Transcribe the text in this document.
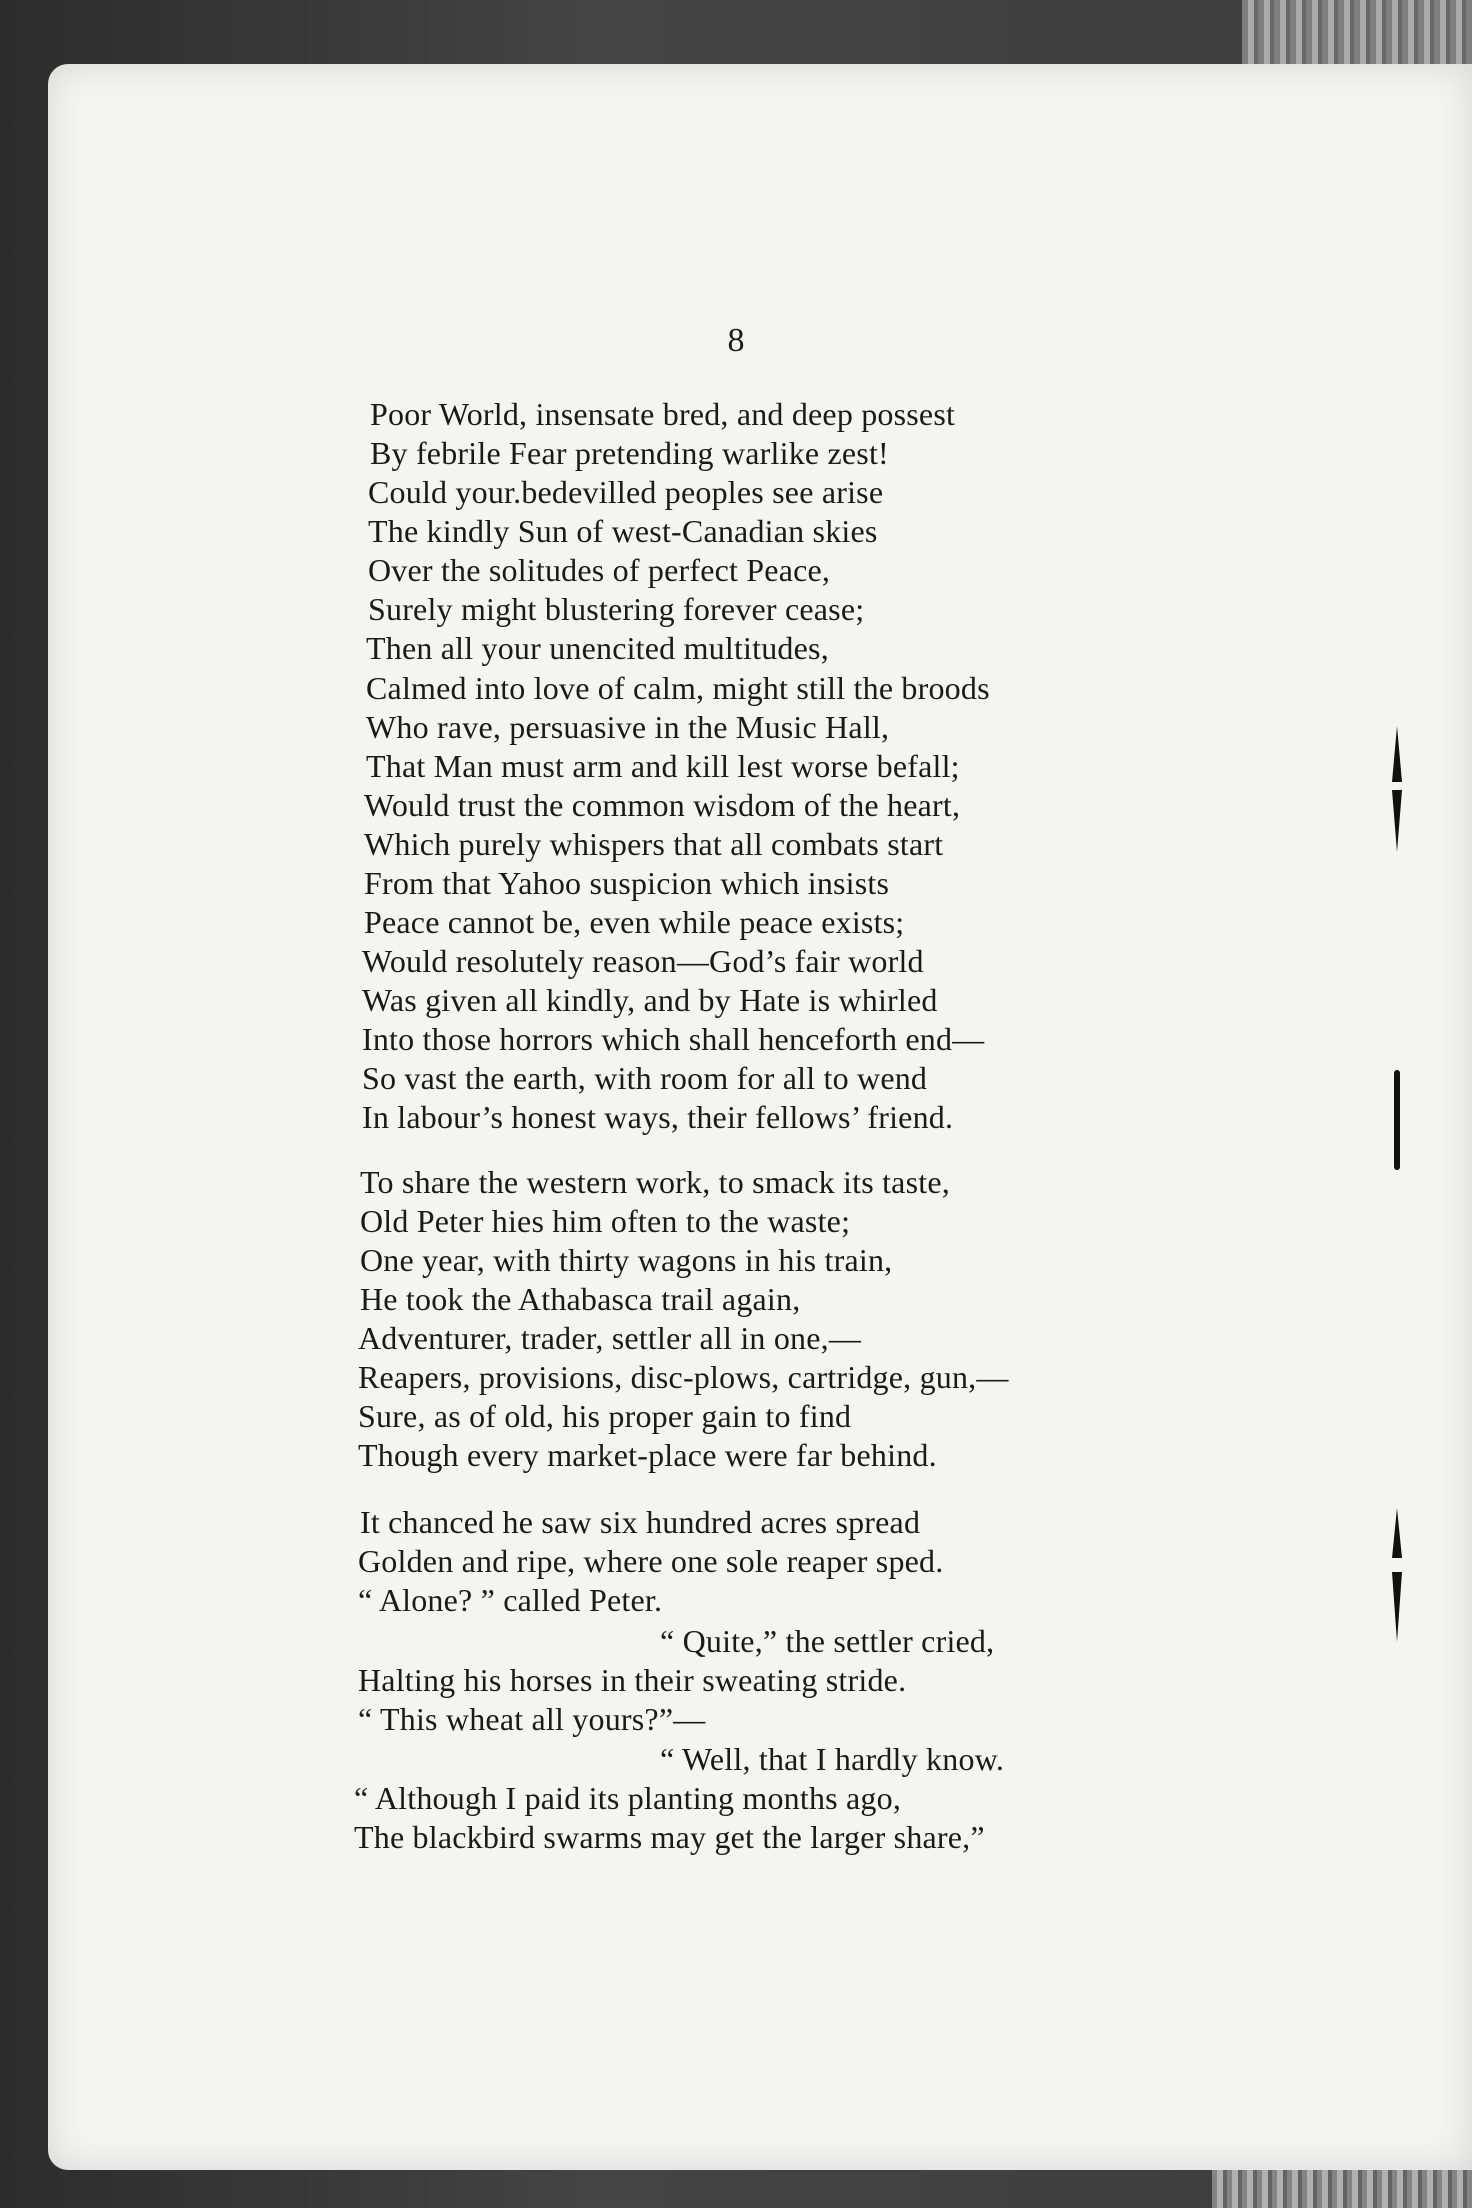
8
Poor World, insensate bred, and deep possest
By febrile Fear pretending warlike zest!
Could your.bedevilled peoples see arise
The kindly Sun of west-Canadian skies
Over the solitudes of perfect Peace,
Surely might blustering forever cease;
Then all your unencited multitudes,
Calmed into love of calm, might still the broods
Who rave, persuasive in the Music Hall,
That Man must arm and kill lest worse befall;
Would trust the common wisdom of the heart,
Which purely whispers that all combats start
From that Yahoo suspicion which insists
Peace cannot be, even while peace exists;
Would resolutely reason—God’s fair world
Was given all kindly, and by Hate is whirled
Into those horrors which shall henceforth end—
So vast the earth, with room for all to wend
In labour’s honest ways, their fellows’ friend.
To share the western work, to smack its taste,
Old Peter hies him often to the waste;
One year, with thirty wagons in his train,
He took the Athabasca trail again,
Adventurer, trader, settler all in one,—
Reapers, provisions, disc-plows, cartridge, gun,—
Sure, as of old, his proper gain to find
Though every market-place were far behind.
It chanced he saw six hundred acres spread
Golden and ripe, where one sole reaper sped.
“ Alone? ” called Peter.
“ Quite,” the settler cried,
Halting his horses in their sweating stride.
“ This wheat all yours?”—
“ Well, that I hardly know.
“ Although I paid its planting months ago,
The blackbird swarms may get the larger share,”
